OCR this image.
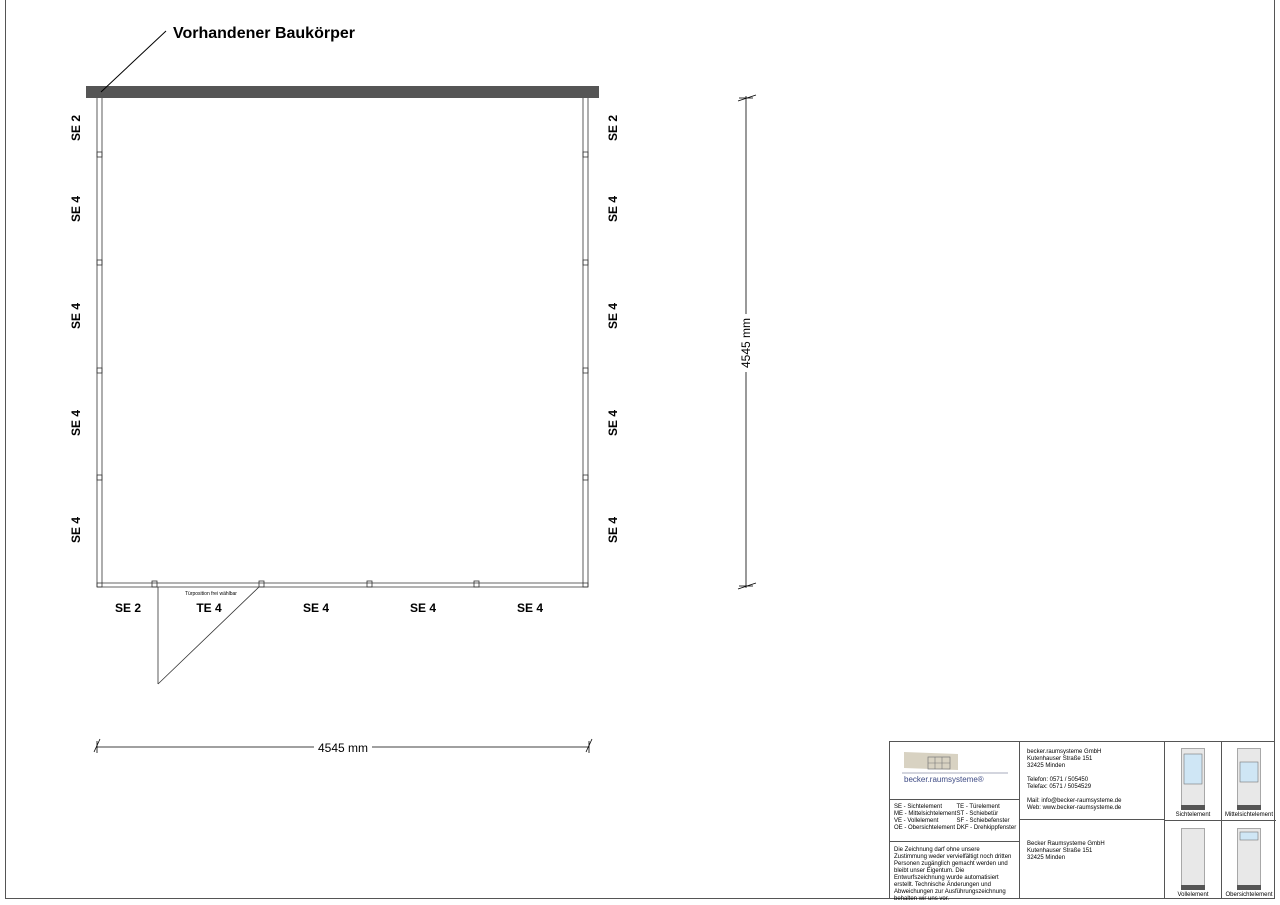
Vorhandener Baukörper
Türposition frei wählbar
4545 mm
4545 mm
SE 2
SE 4
SE 4
SE 4
SE 4
SE 2
SE 4
SE 4
SE 4
SE 4
SE 2	TE 4	SE 4	SE 4	SE 4
becker.raumsysteme®
SE - Sichtelement	TE - Türelement
ME - Mittelsichtelement ST - Schiebetür
VE - Vollelement	SF - Schiebefenster
OE - Obersichtelement DKF - Drehkippfenster
Die Zeichnung darf ohne unsere Zustimmung weder vervielfältigt noch dritten Personen zugänglich gemacht werden und bleibt unser Eigentum. Die Entwurfszeichnung wurde automatisiert erstellt. Technische Änderungen und Abweichungen zur Ausführungszeichnung behalten wir uns vor.
becker.raumsysteme GmbH
Kutenhauser Straße 151
32425 Minden
Telefon: 0571 / 505450
Telefax: 0571 / 5054529
Mail: info@becker-raumsysteme.de
Web: www.becker-raumsysteme.de
Becker Raumsysteme GmbH
Kutenhauser Straße 151
32425 Minden
Sichtelement Mittelsichtelement
Vollelement	Obersichtelement
